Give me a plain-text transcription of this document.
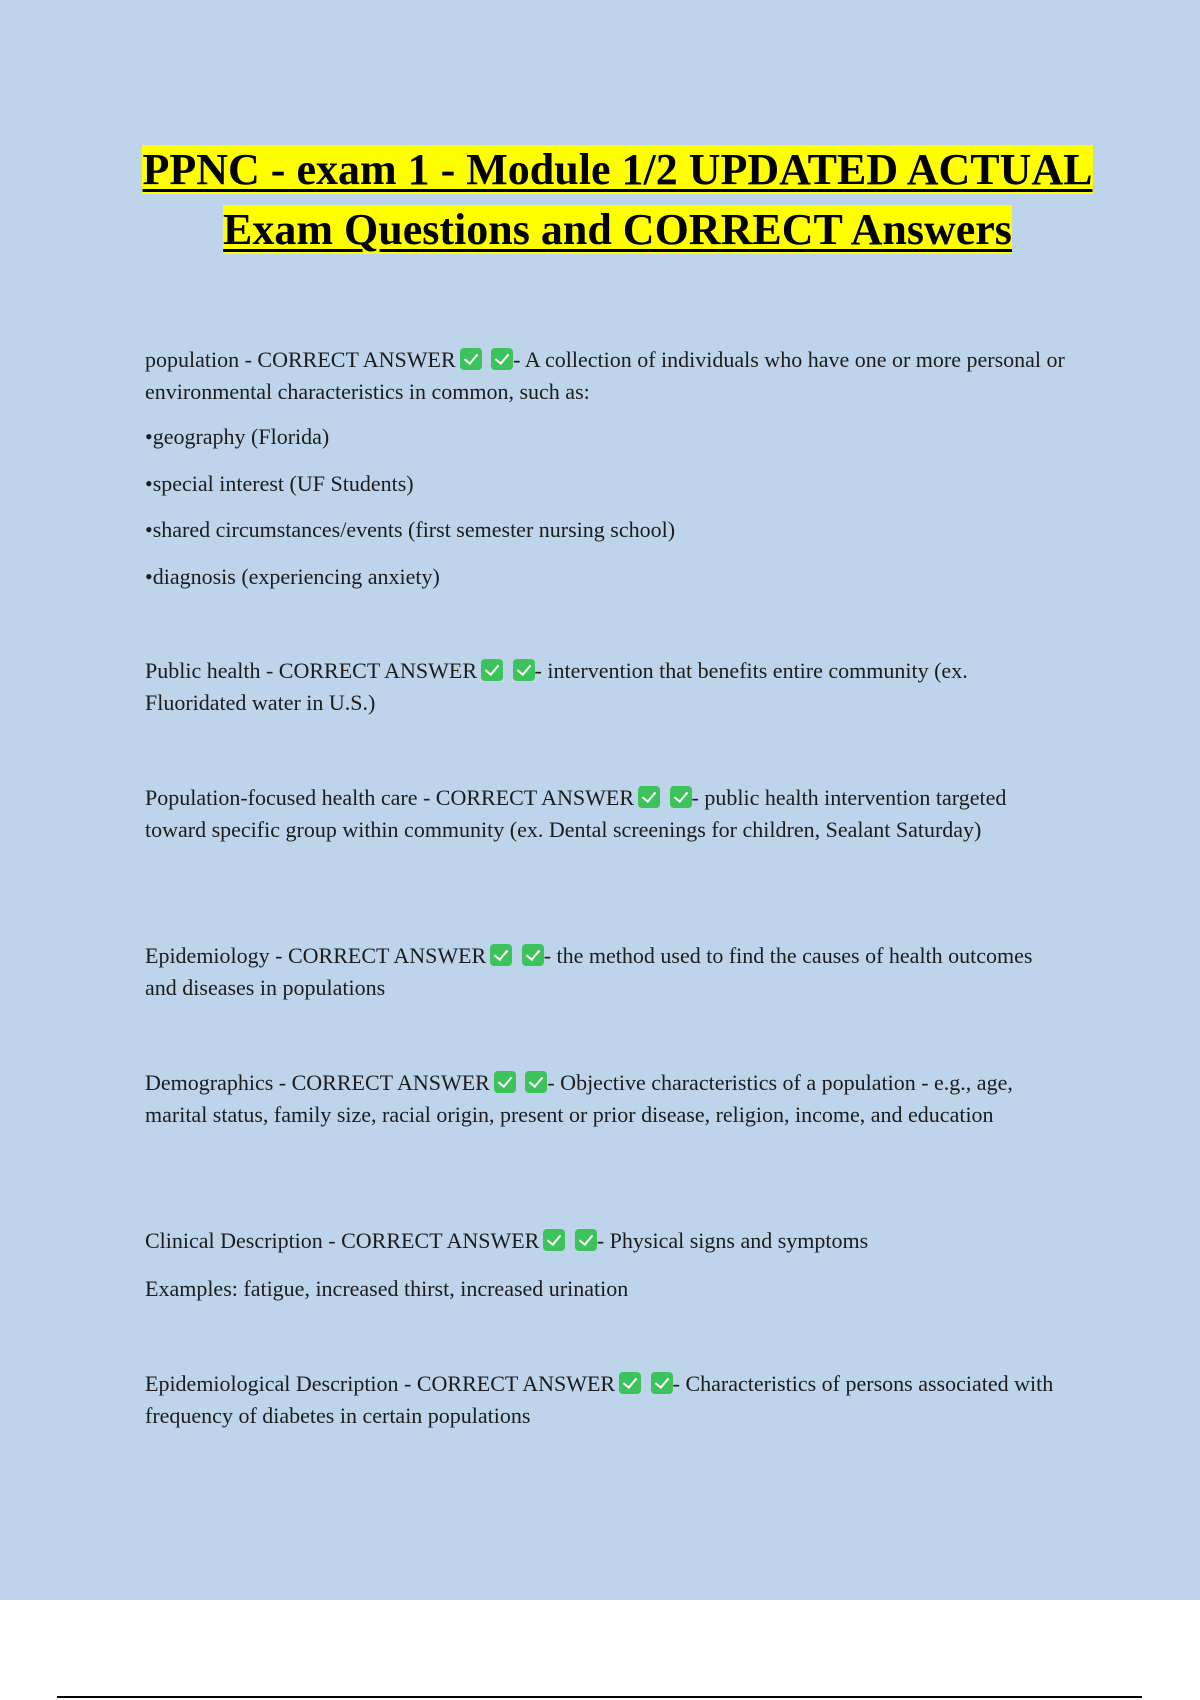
PPNC - exam 1 - Module 1/2 UPDATED ACTUAL Exam Questions and CORRECT Answers

population - CORRECT ANSWER	- A collection of individuals who have one or more personal or environmental characteristics in common, such as:

•geography (Florida)

•special interest (UF Students)

•shared circumstances/events (first semester nursing school)

•diagnosis (experiencing anxiety)

Public health - CORRECT ANSWER	- intervention that benefits entire community (ex. Fluoridated water in U.S.)

Population-focused health care - CORRECT ANSWER	- public health intervention targeted toward specific group within community (ex. Dental screenings for children, Sealant Saturday)

Epidemiology - CORRECT ANSWER	- the method used to find the causes of health outcomes and diseases in populations

Demographics - CORRECT ANSWER	- Objective characteristics of a population - e.g., age, marital status, family size, racial origin, present or prior disease, religion, income, and education

Clinical Description - CORRECT ANSWER	- Physical signs and symptoms

Examples: fatigue, increased thirst, increased urination

Epidemiological Description - CORRECT ANSWER	- Characteristics of persons associated with frequency of diabetes in certain populations
